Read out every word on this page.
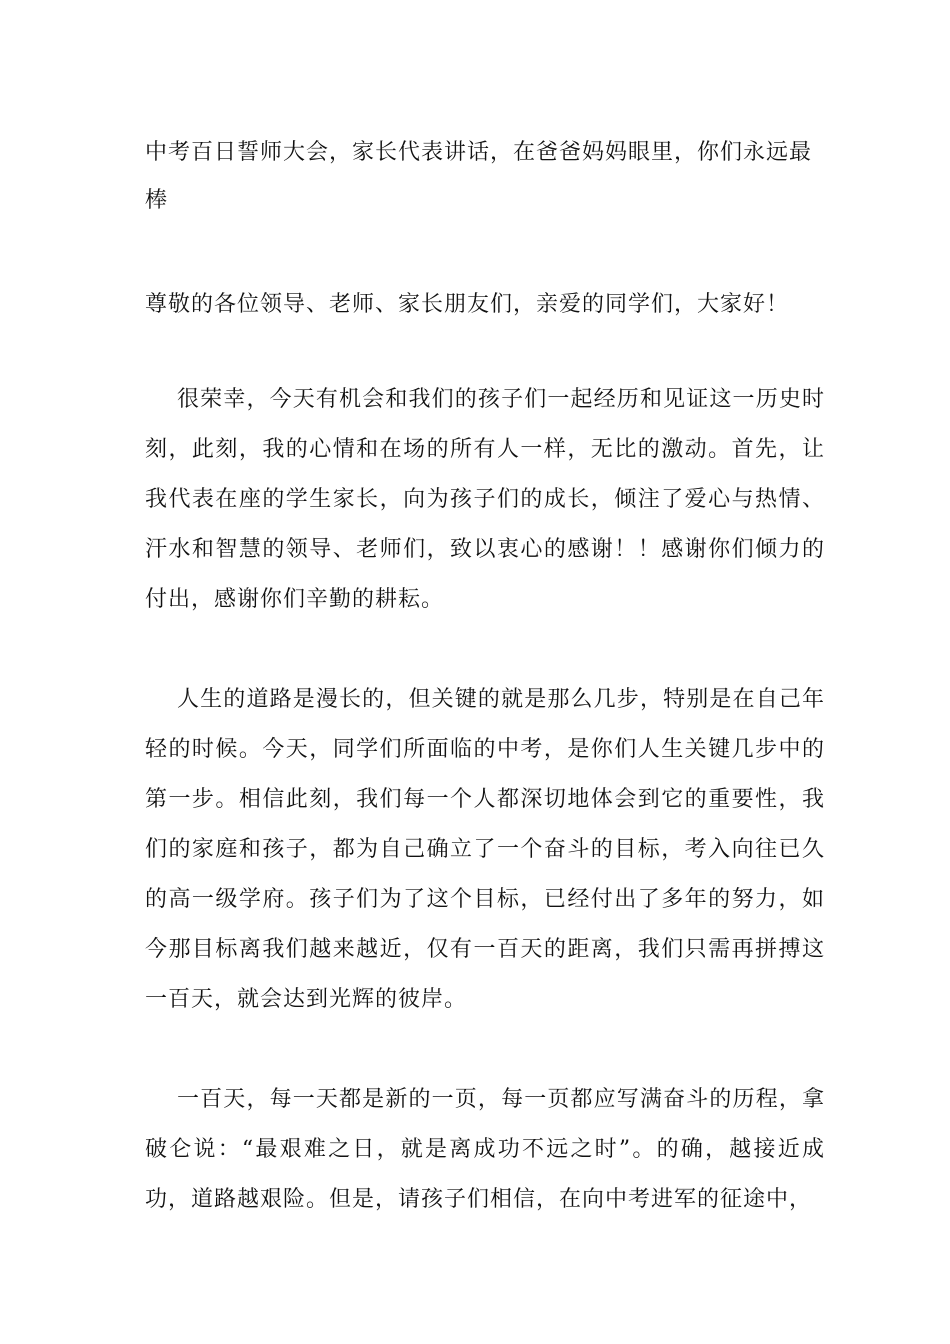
中考百日誓师大会，家长代表讲话，在爸爸妈妈眼里，你们永远最棒

尊敬的各位领导、老师、家长朋友们，亲爱的同学们，大家好！

很荣幸，今天有机会和我们的孩子们一起经历和见证这一历史时刻，此刻，我的心情和在场的所有人一样，无比的激动。首先，让我代表在座的学生家长，向为孩子们的成长，倾注了爱心与热情、汗水和智慧的领导、老师们，致以衷心的感谢！！感谢你们倾力的付出，感谢你们辛勤的耕耘。

人生的道路是漫长的，但关键的就是那么几步，特别是在自己年轻的时候。今天，同学们所面临的中考，是你们人生关键几步中的第一步。相信此刻，我们每一个人都深切地体会到它的重要性，我们的家庭和孩子，都为自己确立了一个奋斗的目标，考入向往已久的高一级学府。孩子们为了这个目标，已经付出了多年的努力，如今那目标离我们越来越近，仅有一百天的距离，我们只需再拼搏这一百天，就会达到光辉的彼岸。

一百天，每一天都是新的一页，每一页都应写满奋斗的历程，拿破仑说：“最艰难之日，就是离成功不远之时”。的确，越接近成功，道路越艰险。但是，请孩子们相信，在向中考进军的征途中，
